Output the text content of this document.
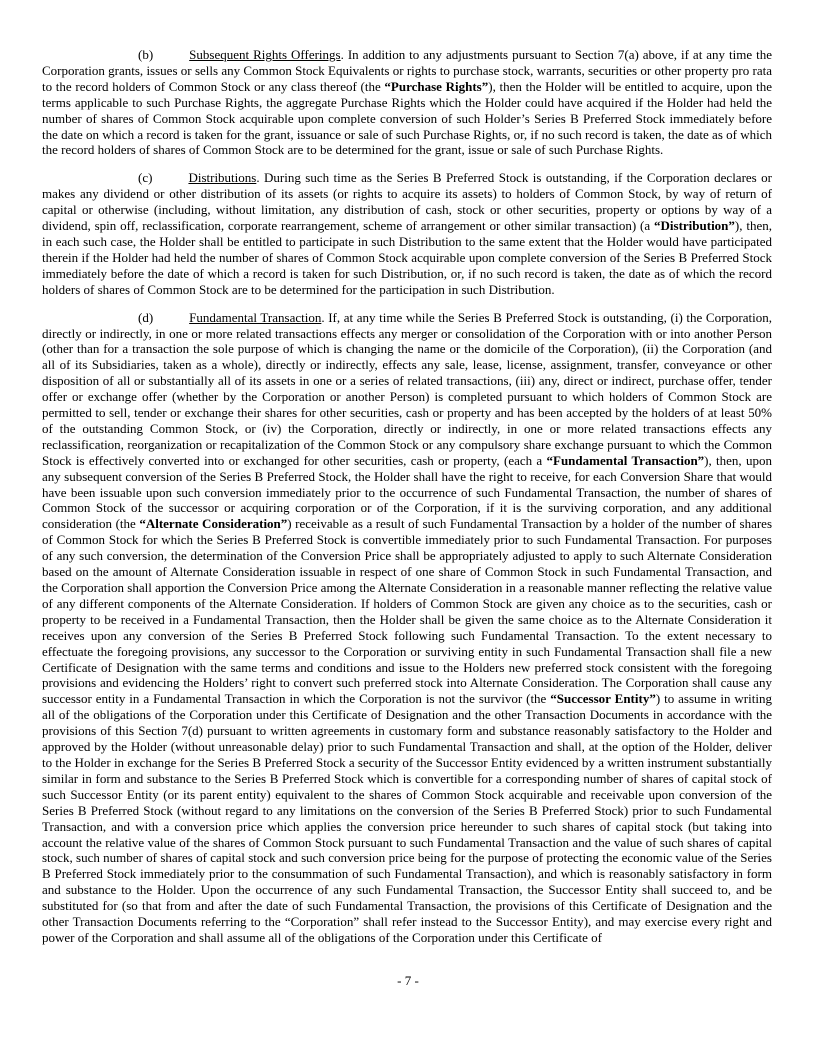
(b)	Subsequent Rights Offerings. In addition to any adjustments pursuant to Section 7(a) above, if at any time the Corporation grants, issues or sells any Common Stock Equivalents or rights to purchase stock, warrants, securities or other property pro rata to the record holders of Common Stock or any class thereof (the “Purchase Rights”), then the Holder will be entitled to acquire, upon the terms applicable to such Purchase Rights, the aggregate Purchase Rights which the Holder could have acquired if the Holder had held the number of shares of Common Stock acquirable upon complete conversion of such Holder’s Series B Preferred Stock immediately before the date on which a record is taken for the grant, issuance or sale of such Purchase Rights, or, if no such record is taken, the date as of which the record holders of shares of Common Stock are to be determined for the grant, issue or sale of such Purchase Rights.

(c)	Distributions. During such time as the Series B Preferred Stock is outstanding, if the Corporation declares or makes any dividend or other distribution of its assets (or rights to acquire its assets) to holders of Common Stock, by way of return of capital or otherwise (including, without limitation, any distribution of cash, stock or other securities, property or options by way of a dividend, spin off, reclassification, corporate rearrangement, scheme of arrangement or other similar transaction) (a “Distribution”), then, in each such case, the Holder shall be entitled to participate in such Distribution to the same extent that the Holder would have participated therein if the Holder had held the number of shares of Common Stock acquirable upon complete conversion of the Series B Preferred Stock immediately before the date of which a record is taken for such Distribution, or, if no such record is taken, the date as of which the record holders of shares of Common Stock are to be determined for the participation in such Distribution.

(d)	Fundamental Transaction. If, at any time while the Series B Preferred Stock is outstanding, (i) the Corporation, directly or indirectly, in one or more related transactions effects any merger or consolidation of the Corporation with or into another Person (other than for a transaction the sole purpose of which is changing the name or the domicile of the Corporation), (ii) the Corporation (and all of its Subsidiaries, taken as a whole), directly or indirectly, effects any sale, lease, license, assignment, transfer, conveyance or other disposition of all or substantially all of its assets in one or a series of related transactions, (iii) any, direct or indirect, purchase offer, tender offer or exchange offer (whether by the Corporation or another Person) is completed pursuant to which holders of Common Stock are permitted to sell, tender or exchange their shares for other securities, cash or property and has been accepted by the holders of at least 50% of the outstanding Common Stock, or (iv) the Corporation, directly or indirectly, in one or more related transactions effects any reclassification, reorganization or recapitalization of the Common Stock or any compulsory share exchange pursuant to which the Common Stock is effectively converted into or exchanged for other securities, cash or property, (each a “Fundamental Transaction”), then, upon any subsequent conversion of the Series B Preferred Stock, the Holder shall have the right to receive, for each Conversion Share that would have been issuable upon such conversion immediately prior to the occurrence of such Fundamental Transaction, the number of shares of Common Stock of the successor or acquiring corporation or of the Corporation, if it is the surviving corporation, and any additional consideration (the “Alternate Consideration”) receivable as a result of such Fundamental Transaction by a holder of the number of shares of Common Stock for which the Series B Preferred Stock is convertible immediately prior to such Fundamental Transaction. For purposes of any such conversion, the determination of the Conversion Price shall be appropriately adjusted to apply to such Alternate Consideration based on the amount of Alternate Consideration issuable in respect of one share of Common Stock in such Fundamental Transaction, and the Corporation shall apportion the Conversion Price among the Alternate Consideration in a reasonable manner reflecting the relative value of any different components of the Alternate Consideration. If holders of Common Stock are given any choice as to the securities, cash or property to be received in a Fundamental Transaction, then the Holder shall be given the same choice as to the Alternate Consideration it receives upon any conversion of the Series B Preferred Stock following such Fundamental Transaction. To the extent necessary to effectuate the foregoing provisions, any successor to the Corporation or surviving entity in such Fundamental Transaction shall file a new Certificate of Designation with the same terms and conditions and issue to the Holders new preferred stock consistent with the foregoing provisions and evidencing the Holders’ right to convert such preferred stock into Alternate Consideration. The Corporation shall cause any successor entity in a Fundamental Transaction in which the Corporation is not the survivor (the “Successor Entity”) to assume in writing all of the obligations of the Corporation under this Certificate of Designation and the other Transaction Documents in accordance with the provisions of this Section 7(d) pursuant to written agreements in customary form and substance reasonably satisfactory to the Holder and approved by the Holder (without unreasonable delay) prior to such Fundamental Transaction and shall, at the option of the Holder, deliver to the Holder in exchange for the Series B Preferred Stock a security of the Successor Entity evidenced by a written instrument substantially similar in form and substance to the Series B Preferred Stock which is convertible for a corresponding number of shares of capital stock of such Successor Entity (or its parent entity) equivalent to the shares of Common Stock acquirable and receivable upon conversion of the Series B Preferred Stock (without regard to any limitations on the conversion of the Series B Preferred Stock) prior to such Fundamental Transaction, and with a conversion price which applies the conversion price hereunder to such shares of capital stock (but taking into account the relative value of the shares of Common Stock pursuant to such Fundamental Transaction and the value of such shares of capital stock, such number of shares of capital stock and such conversion price being for the purpose of protecting the economic value of the Series B Preferred Stock immediately prior to the consummation of such Fundamental Transaction), and which is reasonably satisfactory in form and substance to the Holder. Upon the occurrence of any such Fundamental Transaction, the Successor Entity shall succeed to, and be substituted for (so that from and after the date of such Fundamental Transaction, the provisions of this Certificate of Designation and the other Transaction Documents referring to the “Corporation” shall refer instead to the Successor Entity), and may exercise every right and power of the Corporation and shall assume all of the obligations of the Corporation under this Certificate of

- 7 -
